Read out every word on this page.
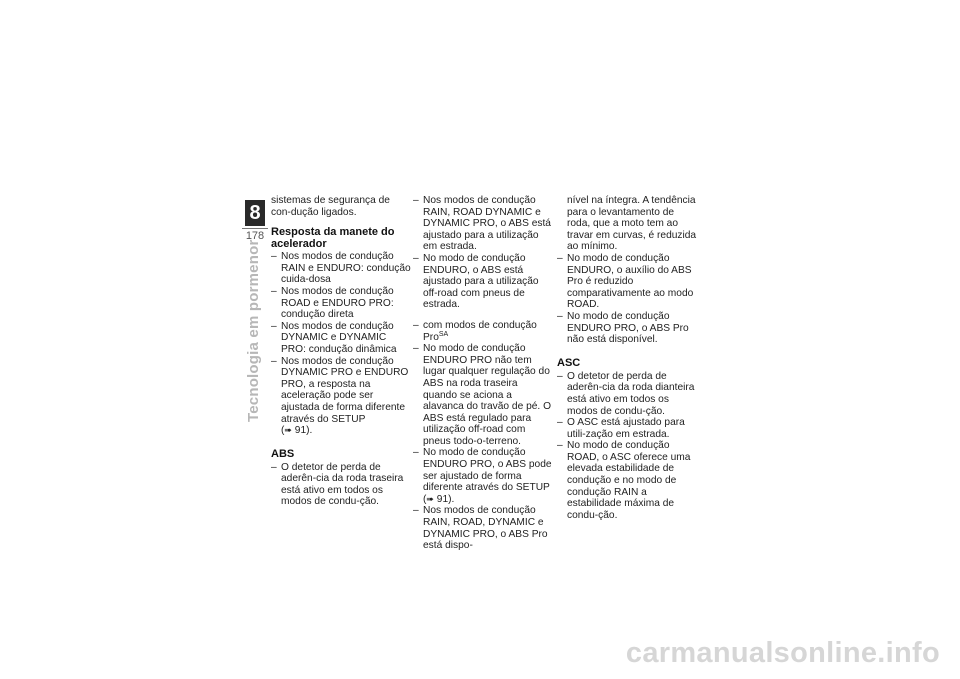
8
178
Tecnologia em pormenor

sistemas de segurança de con-dução ligados.

Resposta da manete do acelerador
– Nos modos de condução RAIN e ENDURO: condução cuida-dosa
– Nos modos de condução ROAD e ENDURO PRO: condução direta
– Nos modos de condução DYNAMIC e DYNAMIC PRO: condução dinâmica
– Nos modos de condução DYNAMIC PRO e ENDURO PRO, a resposta na aceleração pode ser ajustada de forma diferente através do SETUP
(➠ 91).
ABS
– O detetor de perda de aderên-cia da roda traseira está ativo em todos os modos de condu-ção.
– Nos modos de condução RAIN, ROAD DYNAMIC e DYNAMIC PRO, o ABS está ajustado para a utilização em estrada.
– No modo de condução ENDURO, o ABS está ajustado para a utilização off-road com pneus de estrada.
– com modos de condução Pro$^{SA}$
– No modo de condução ENDURO PRO não tem lugar qualquer regulação do ABS na roda traseira quando se aciona a alavanca do travão de pé. O ABS está regulado para utilização off-road com pneus todo-o-terreno.
– No modo de condução ENDURO PRO, o ABS pode ser ajustado de forma diferente através do SETUP (➠ 91).
– Nos modos de condução RAIN, ROAD, DYNAMIC e DYNAMIC PRO, o ABS Pro está dispo-

nível na íntegra. A tendência para o levantamento de roda, que a moto tem ao travar em curvas, é reduzida ao mínimo.

– No modo de condução ENDURO, o auxílio do ABS Pro é reduzido comparativamente ao modo ROAD.
– No modo de condução ENDURO PRO, o ABS Pro não está disponível.
ASC
– O detetor de perda de aderên-cia da roda dianteira está ativo em todos os modos de condu-ção.
– O ASC está ajustado para utili-zação em estrada.
– No modo de condução ROAD, o ASC oferece uma elevada estabilidade de condução e no modo de condução RAIN a estabilidade máxima de condu-ção.
carmanualsonline.info
